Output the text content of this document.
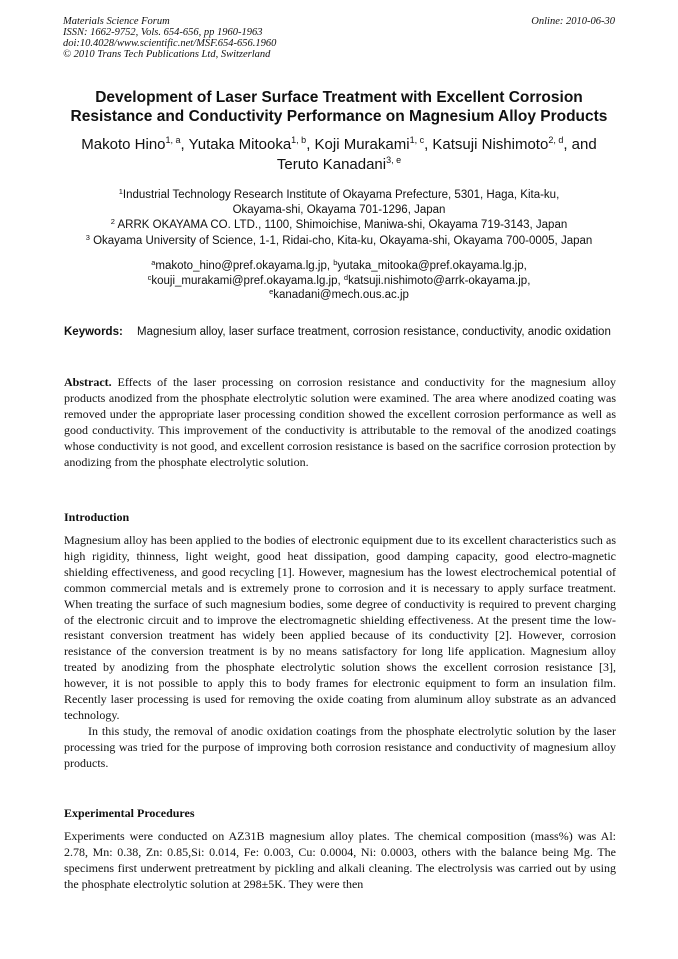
Materials Science Forum
ISSN: 1662-9752, Vols. 654-656, pp 1960-1963
doi:10.4028/www.scientific.net/MSF.654-656.1960
© 2010 Trans Tech Publications Ltd, Switzerland
Online: 2010-06-30
Development of Laser Surface Treatment with Excellent Corrosion
Resistance and Conductivity Performance on Magnesium Alloy Products
Makoto Hino$^{1, a}$, Yutaka Mitooka$^{1, b}$, Koji Murakami$^{1, c}$, Katsuji Nishimoto$^{2, d}$, and
Teruto Kanadani$^{3, e}$
$^1$Industrial Technology Research Institute of Okayama Prefecture, 5301, Haga, Kita-ku,
Okayama-shi, Okayama 701-1296, Japan
$^2$ ARRK OKAYAMA CO. LTD., 1100, Shimoichise, Maniwa-shi, Okayama 719-3143, Japan
$^3$ Okayama University of Science, 1-1, Ridai-cho, Kita-ku, Okayama-shi, Okayama 700-0005, Japan
$^a$makoto_hino@pref.okayama.lg.jp, $^b$yutaka_mitooka@pref.okayama.lg.jp,
$^c$kouji_murakami@pref.okayama.lg.jp, $^d$katsuji.nishimoto@arrk-okayama.jp,
$^e$kanadani@mech.ous.ac.jp
Keywords: Magnesium alloy, laser surface treatment, corrosion resistance, conductivity, anodic oxidation
Abstract. Effects of the laser processing on corrosion resistance and conductivity for the magnesium alloy products anodized from the phosphate electrolytic solution were examined. The area where anodized coating was removed under the appropriate laser processing condition showed the excellent corrosion performance as well as good conductivity. This improvement of the conductivity is attributable to the removal of the anodized coatings whose conductivity is not good, and excellent corrosion resistance is based on the sacrifice corrosion protection by anodizing from the phosphate electrolytic solution.
Introduction

Magnesium alloy has been applied to the bodies of electronic equipment due to its excellent characteristics such as high rigidity, thinness, light weight, good heat dissipation, good damping capacity, good electro-magnetic shielding effectiveness, and good recycling [1]. However, magnesium has the lowest electrochemical potential of common commercial metals and is extremely prone to corrosion and it is necessary to apply surface treatment. When treating the surface of such magnesium bodies, some degree of conductivity is required to prevent charging of the electronic circuit and to improve the electromagnetic shielding effectiveness. At the present time the low-resistant conversion treatment has widely been applied because of its conductivity [2]. However, corrosion resistance of the conversion treatment is by no means satisfactory for long life application. Magnesium alloy treated by anodizing from the phosphate electrolytic solution shows the excellent corrosion resistance [3], however, it is not possible to apply this to body frames for electronic equipment to form an insulation film. Recently laser processing is used for removing the oxide coating from aluminum alloy substrate as an advanced technology.

In this study, the removal of anodic oxidation coatings from the phosphate electrolytic solution by the laser processing was tried for the purpose of improving both corrosion resistance and conductivity of magnesium alloy products.

Experimental Procedures

Experiments were conducted on AZ31B magnesium alloy plates. The chemical composition (mass%) was Al: 2.78, Mn: 0.38, Zn: 0.85,Si: 0.014, Fe: 0.003, Cu: 0.0004, Ni: 0.0003, others with the balance being Mg. The specimens first underwent pretreatment by pickling and alkali cleaning. The electrolysis was carried out by using the phosphate electrolytic solution at 298±5K. They were then
